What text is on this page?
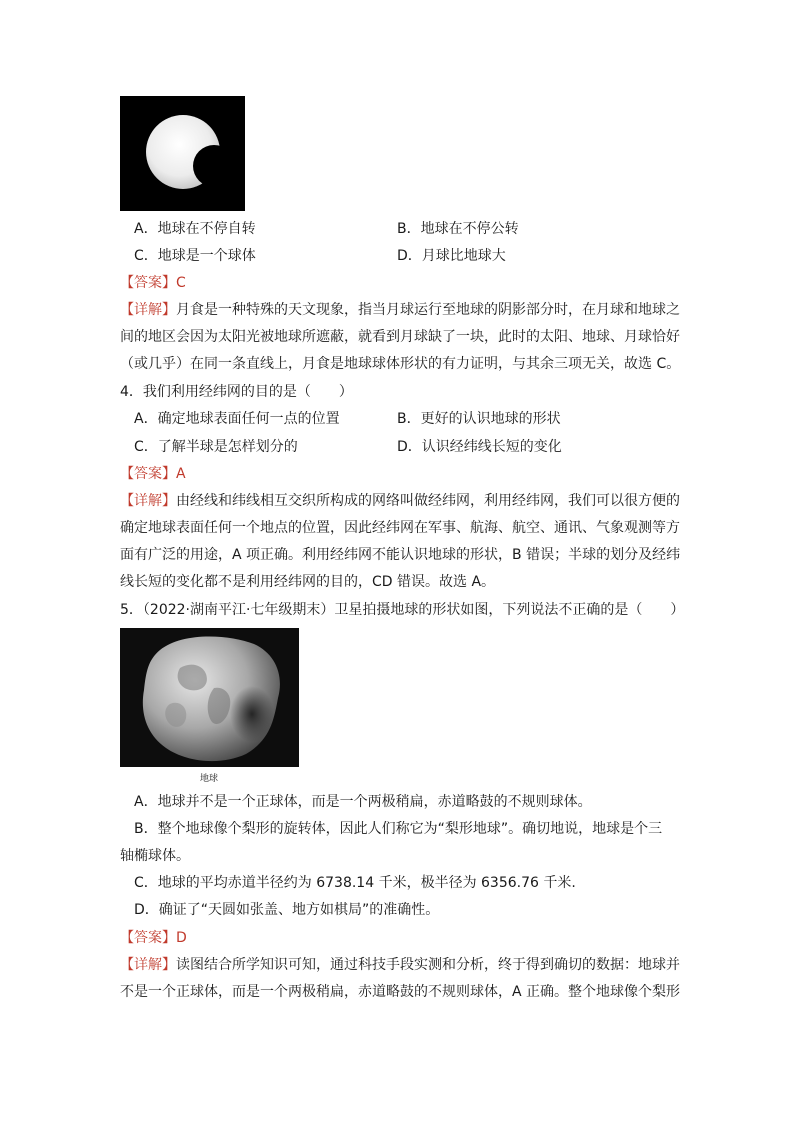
A．地球在不停自转	B．地球在不停公转
C．地球是一个球体	D．月球比地球大
【答案】C
【详解】月食是一种特殊的天文现象，指当月球运行至地球的阴影部分时，在月球和地球之
间的地区会因为太阳光被地球所遮蔽，就看到月球缺了一块，此时的太阳、地球、月球恰好
（或几乎）在同一条直线上，月食是地球球体形状的有力证明，与其余三项无关，故选 C。
4．我们利用经纬网的目的是（　　）
A．确定地球表面任何一点的位置	B．更好的认识地球的形状
C．了解半球是怎样划分的	D．认识经纬线长短的变化
【答案】A
【详解】由经线和纬线相互交织所构成的网络叫做经纬网，利用经纬网，我们可以很方便的
确定地球表面任何一个地点的位置，因此经纬网在军事、航海、航空、通讯、气象观测等方
面有广泛的用途，A 项正确。利用经纬网不能认识地球的形状，B 错误；半球的划分及经纬
线长短的变化都不是利用经纬网的目的，CD 错误。故选 A。
5．（2022·湖南平江·七年级期末）卫星拍摄地球的形状如图，下列说法不正确的是（　　）
地球
A．地球并不是一个正球体，而是一个两极稍扁，赤道略鼓的不规则球体。
B．整个地球像个梨形的旋转体，因此人们称它为“梨形地球”。确切地说，地球是个三
轴椭球体。
C．地球的平均赤道半径约为 6738.14 千米，极半径为 6356.76 千米.
D．确证了“天圆如张盖、地方如棋局”的准确性。
【答案】D
【详解】读图结合所学知识可知，通过科技手段实测和分析，终于得到确切的数据：地球并
不是一个正球体，而是一个两极稍扁，赤道略鼓的不规则球体，A 正确。整个地球像个梨形
